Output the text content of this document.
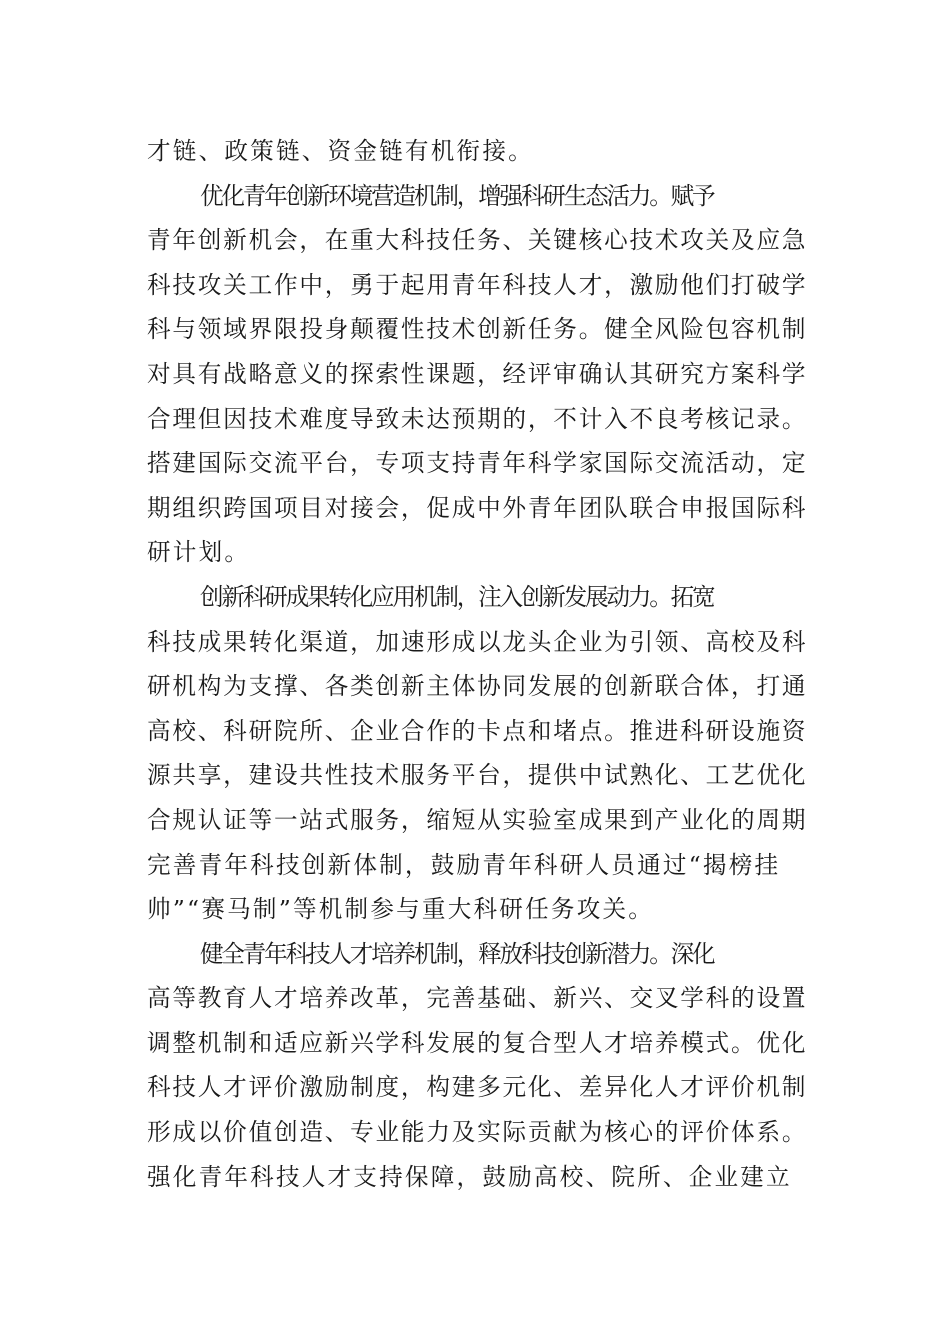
才链、政策链、资金链有机衔接。
优化青年创新环境营造机制，增强科研生态活力。赋予
青年创新机会，在重大科技任务、关键核心技术攻关及应急
科技攻关工作中，勇于起用青年科技人才，激励他们打破学
科与领域界限投身颠覆性技术创新任务。健全风险包容机制
对具有战略意义的探索性课题，经评审确认其研究方案科学
合理但因技术难度导致未达预期的，不计入不良考核记录。
搭建国际交流平台，专项支持青年科学家国际交流活动，定
期组织跨国项目对接会，促成中外青年团队联合申报国际科
研计划。
创新科研成果转化应用机制，注入创新发展动力。拓宽
科技成果转化渠道，加速形成以龙头企业为引领、高校及科
研机构为支撑、各类创新主体协同发展的创新联合体，打通
高校、科研院所、企业合作的卡点和堵点。推进科研设施资
源共享，建设共性技术服务平台，提供中试熟化、工艺优化
合规认证等一站式服务，缩短从实验室成果到产业化的周期
完善青年科技创新体制，鼓励青年科研人员通过“揭榜挂
帅”“赛马制”等机制参与重大科研任务攻关。
健全青年科技人才培养机制，释放科技创新潜力。深化
高等教育人才培养改革，完善基础、新兴、交叉学科的设置
调整机制和适应新兴学科发展的复合型人才培养模式。优化
科技人才评价激励制度，构建多元化、差异化人才评价机制
形成以价值创造、专业能力及实际贡献为核心的评价体系。
强化青年科技人才支持保障，鼓励高校、院所、企业建立
